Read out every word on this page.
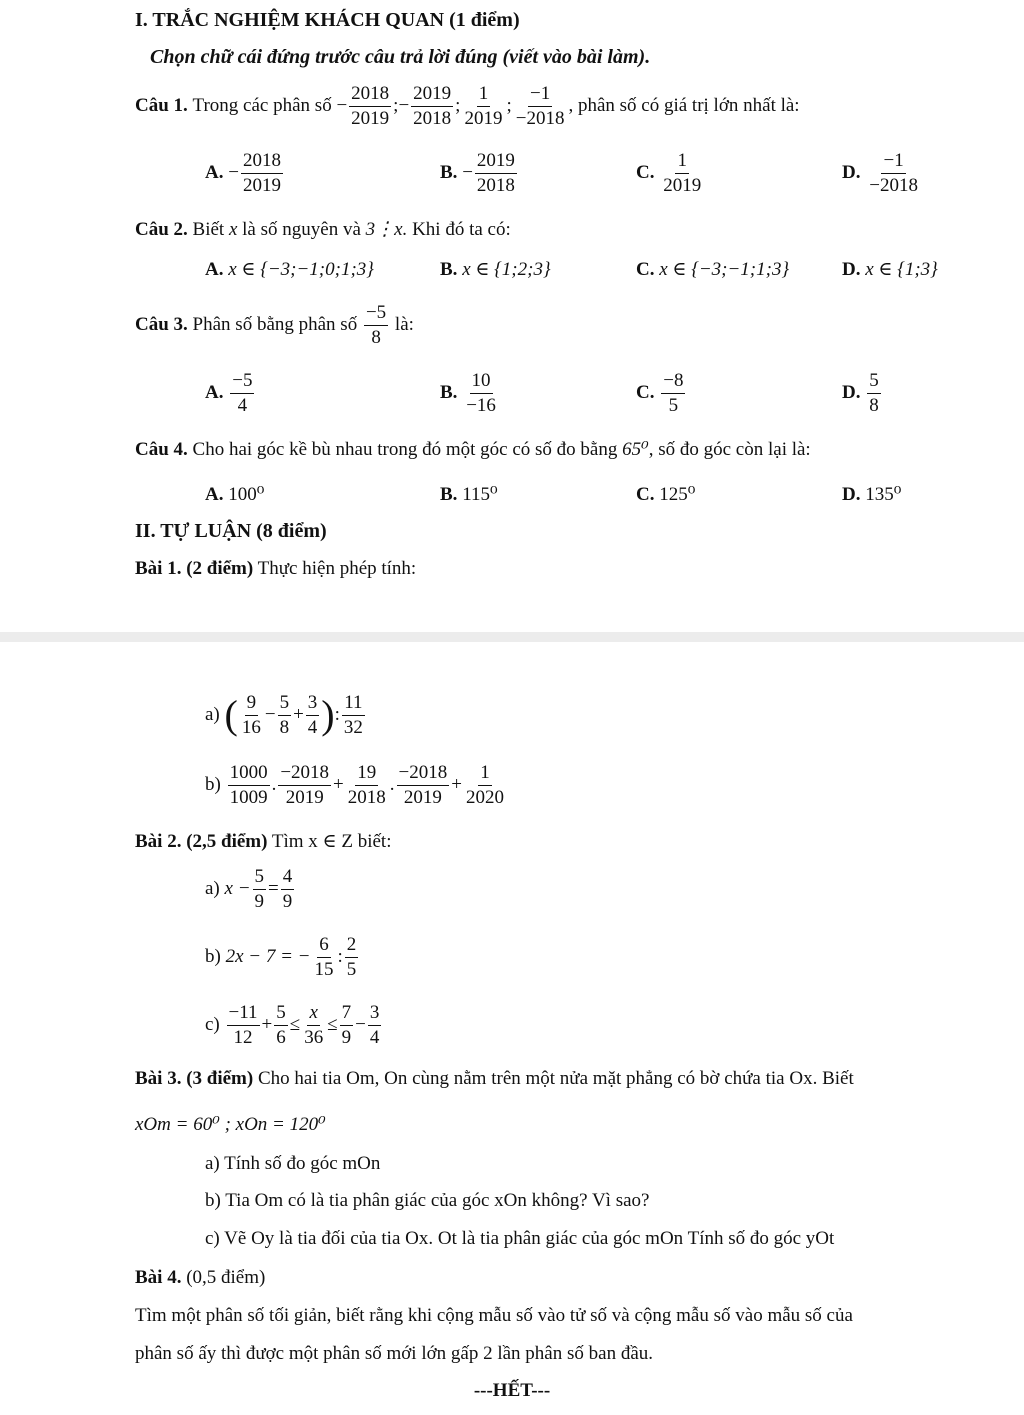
I. TRẮC NGHIỆM KHÁCH QUAN (1 điểm)
Chọn chữ cái đứng trước câu trả lời đúng (viết vào bài làm).
Câu 1.
Trong các phân số
− $\frac{2018}{2019}$ ; − $\frac{2019}{2018}$ ; $\frac{1}{2019}$ ; $\frac{-1}{-2018}$ , phân số có giá trị lớn nhất là:
A.
− $\frac{2018}{2019}$	B.
− $\frac{2019}{2018}$	C.
$\frac{1}{2019}$	D.
$\frac{-1}{-2018}$
Câu 2. Biết x là số nguyên và 3⋮x. Khi đó ta có:
A. x ∈ {−3;−1;0;1;3}	B. x ∈ {1;2;3}	C. x ∈ {−3;−1;1;3}	D. x ∈ {1;3}
Câu 3.
Phân số bằng phân số
$\frac{-5}{8}$
là:
A.
$\frac{-5}{4}$	B.
$\frac{10}{-16}$	C.
$\frac{-8}{5}$	D.
$\frac{5}{8}$
Câu 4. Cho hai góc kề bù nhau trong đó một góc có số đo bằng 65⁰, số đo góc còn lại là:
A. 100⁰	B. 115⁰	C. 125⁰	D. 135⁰
II. TỰ LUẬN (8 điểm)
Bài 1. (2 điểm) Thực hiện phép tính:
a)
( $\frac{9}{16} - \frac{5}{8} + \frac{3}{4}$ ) : $\frac{11}{32}$
b)
$\frac{1000}{1009}$ . $\frac{-2018}{2019} + \frac{19}{2018}$ . $\frac{-2018}{2019} + \frac{1}{2020}$
Bài 2. (2,5 điểm) Tìm x ∈ Z biết:
a)
$x - \frac{5}{9} = \frac{4}{9}$
b)
2x − 7 = − $\frac{6}{15}$ : $\frac{2}{5}$
c)
$\frac{-11}{12} + \frac{5}{6} \le \frac{x}{36} \le \frac{7}{9} - \frac{3}{4}$
Bài 3. (3 điểm) Cho hai tia Om, On cùng nằm trên một nửa mặt phẳng có bờ chứa tia Ox. Biết
xOm = 60⁰ ; xOn = 120⁰
a) Tính số đo góc mOn
b) Tia Om có là tia phân giác của góc xOn không? Vì sao?
c) Vẽ Oy là tia đối của tia Ox. Ot là tia phân giác của góc mOn Tính số đo góc yOt
Bài 4. (0,5 điểm)
Tìm một phân số tối giản, biết rằng khi cộng mẫu số vào tử số và cộng mẫu số vào mẫu số của
phân số ấy thì được một phân số mới lớn gấp 2 lần phân số ban đầu.
---HẾT---
